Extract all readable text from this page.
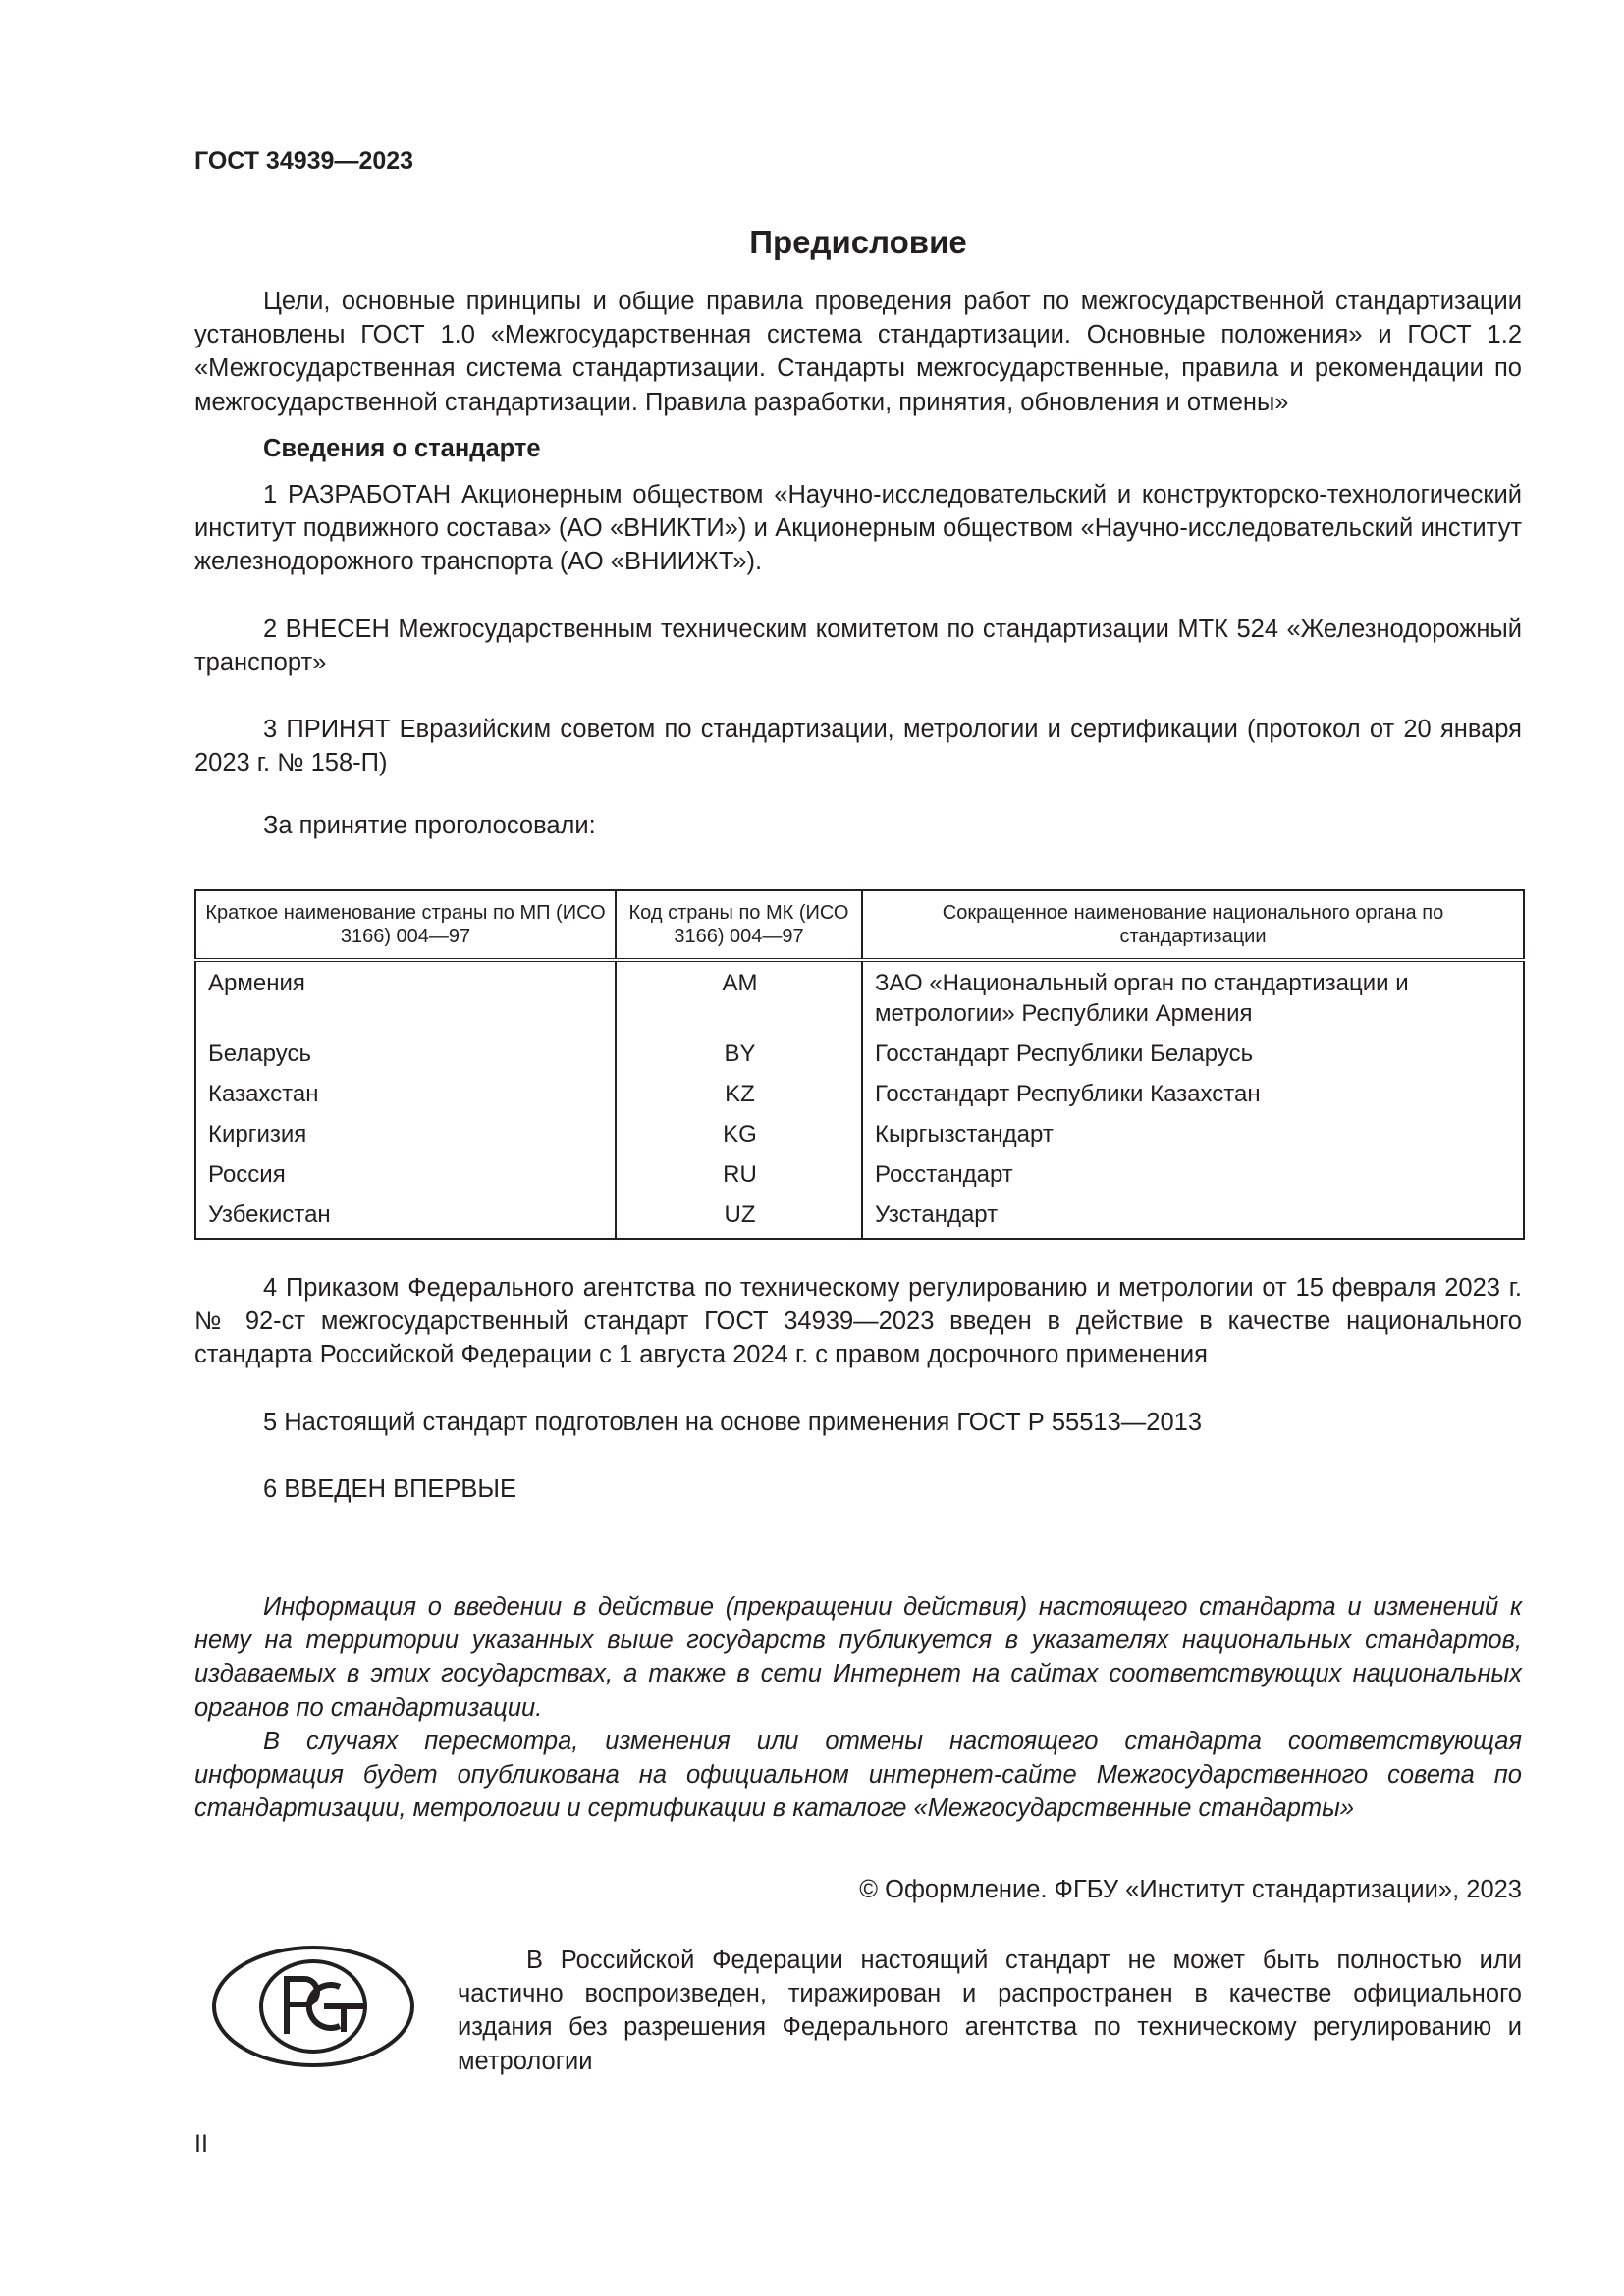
ГОСТ 34939—2023

Предисловие

Цели, основные принципы и общие правила проведения работ по межгосударственной стандартизации установлены ГОСТ 1.0 «Межгосударственная система стандартизации. Основные положения» и ГОСТ 1.2 «Межгосударственная система стандартизации. Стандарты межгосударственные, правила и рекомендации по межгосударственной стандартизации. Правила разработки, принятия, обновления и отмены»

Сведения о стандарте

1 РАЗРАБОТАН Акционерным обществом «Научно-исследовательский и конструкторско-технологический институт подвижного состава» (АО «ВНИКТИ») и Акционерным обществом «Научно-исследовательский институт железнодорожного транспорта (АО «ВНИИЖТ»).

2 ВНЕСЕН Межгосударственным техническим комитетом по стандартизации МТК 524 «Железнодорожный транспорт»

3 ПРИНЯТ Евразийским советом по стандартизации, метрологии и сертификации (протокол от 20 января 2023 г. № 158-П)

За принятие проголосовали:

Краткое наименование страны по МП (ИСО 3166) 004—97	Код страны по МК (ИСО 3166) 004—97	Сокращенное наименование национального органа по стандартизации
Армения	AM	ЗАО «Национальный орган по стандартизации и метрологии» Республики Армения
Беларусь	BY	Госстандарт Республики Беларусь
Казахстан	KZ	Госстандарт Республики Казахстан
Киргизия	KG	Кыргызстандарт
Россия	RU	Росстандарт
Узбекистан	UZ	Узстандарт

4 Приказом Федерального агентства по техническому регулированию и метрологии от 15 февраля 2023 г. № 92-ст межгосударственный стандарт ГОСТ 34939—2023 введен в действие в качестве национального стандарта Российской Федерации с 1 августа 2024 г. с правом досрочного применения

5 Настоящий стандарт подготовлен на основе применения ГОСТ Р 55513—2013

6 ВВЕДЕН ВПЕРВЫЕ

Информация о введении в действие (прекращении действия) настоящего стандарта и изменений к нему на территории указанных выше государств публикуется в указателях национальных стандартов, издаваемых в этих государствах, а также в сети Интернет на сайтах соответствующих национальных органов по стандартизации.

В случаях пересмотра, изменения или отмены настоящего стандарта соответствующая информация будет опубликована на официальном интернет-сайте Межгосударственного совета по стандартизации, метрологии и сертификации в каталоге «Межгосударственные стандарты»

© Оформление. ФГБУ «Институт стандартизации», 2023

В Российской Федерации настоящий стандарт не может быть полностью или частично воспроизведен, тиражирован и распространен в качестве официального издания без разрешения Федерального агентства по техническому регулированию и метрологии

II
